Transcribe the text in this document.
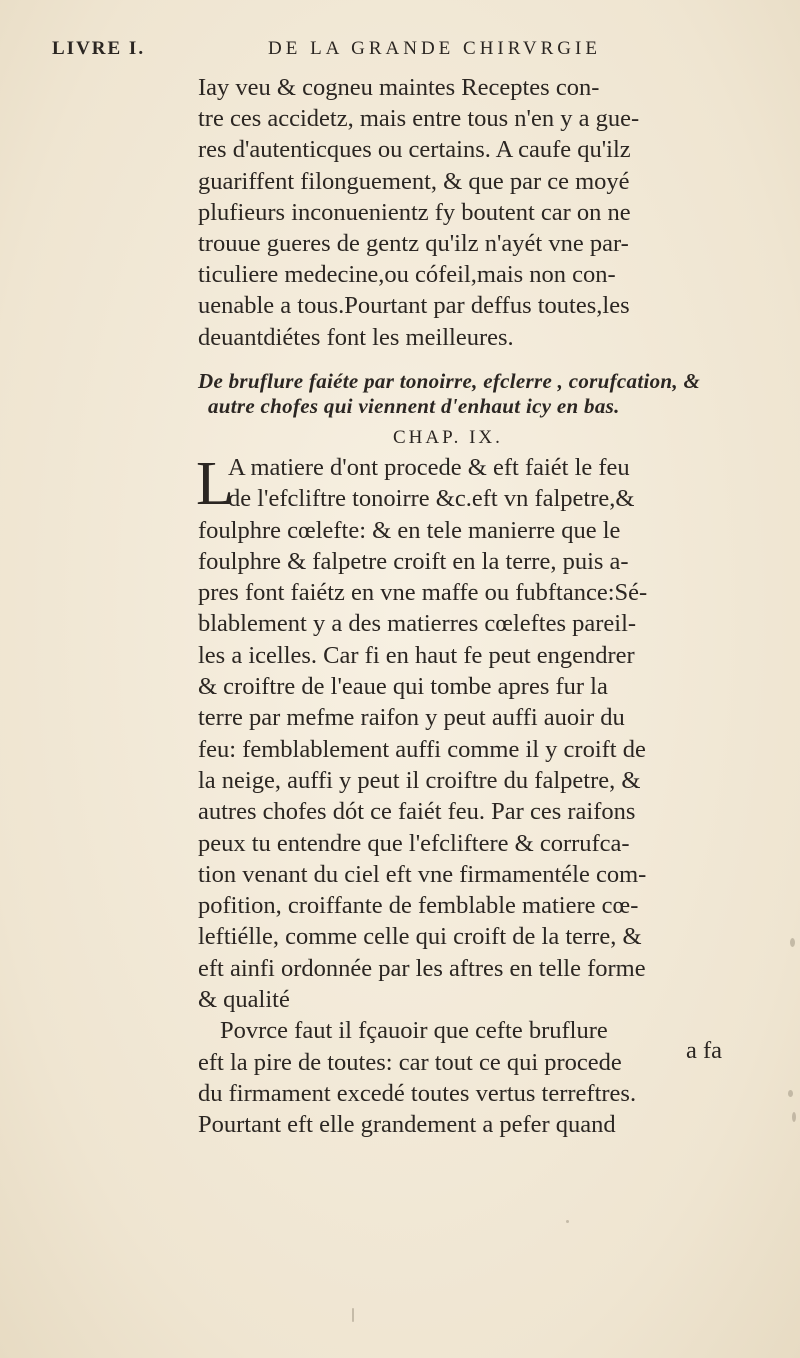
LIVRE I.	DE LA GRANDE CHIRVRGIE
Iay veu & cogneu maintes Receptes con-
tre ces accidetz, mais entre tous n'en y a gue-
res d'autenticques ou certains. A caufe qu'ilz
guariffent filonguement, & que par ce moyé
plufieurs inconuenientz fy boutent car on ne
trouue gueres de gentz qu'ilz n'ayét vne par-
ticuliere medecine,ou cófeil,mais non con-
uenable a tous.Pourtant par deffus toutes,les
deuantdiétes font les meilleures.
De bruflure faiéte par tonoirre, efclerre , corufcation, &
autre chofes qui viennent d'enhaut icy en bas.
CHAP. IX.
L
A matiere d'ont procede & eft faiét le feu
de l'efcliftre tonoirre &c.eft vn falpetre,&
foulphre cœlefte: & en tele manierre que le
foulphre & falpetre croift en la terre, puis a-
pres font faiétz en vne maffe ou fubftance:Sé-
blablement y a des matierres cœleftes pareil-
les a icelles. Car fi en haut fe peut engendrer
& croiftre de l'eaue qui tombe apres fur la
terre par mefme raifon y peut auffi auoir du
feu: femblablement auffi comme il y croift de
la neige, auffi y peut il croiftre du falpetre, &
autres chofes dót ce faiét feu. Par ces raifons
peux tu entendre que l'efcliftere & corrufca-
tion venant du ciel eft vne firmamentéle com-
pofition, croiffante de femblable matiere cœ-
leftiélle, comme celle qui croift de la terre, &
eft ainfi ordonnée par les aftres en telle forme
& qualité
Povrce faut il fçauoir que cefte bruflure
eft la pire de toutes: car tout ce qui procede
du firmament excedé toutes vertus terreftres.
Pourtant eft elle grandement a pefer quand
a fa
